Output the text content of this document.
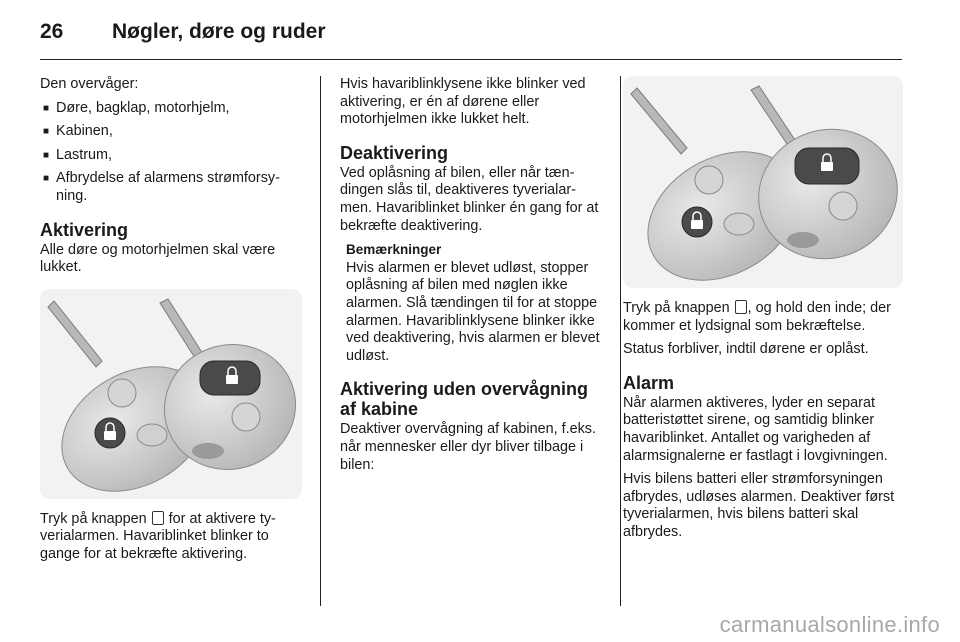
26 Nøgler, døre og ruder

Den overvåger:

■ Døre, bagklap, motorhjelm,
■ Kabinen,
■ Lastrum,
■ Afbrydelse af alarmens strømforsyning.
Aktivering

Alle døre og motorhjelmen skal være lukket.

Tryk på knappen for at aktivere tyverialarmen. Havariblinket blinker to gange for at bekræfte aktivering.

Hvis havariblinklysene ikke blinker ved aktivering, er én af dørene eller motorhjelmen ikke lukket helt.

Deaktivering

Ved oplåsning af bilen, eller når tændingen slås til, deaktiveres tyverialarmen. Havariblinket blinker én gang for at bekræfte deaktivering.

Bemærkninger

Hvis alarmen er blevet udløst, stopper oplåsning af bilen med nøglen ikke alarmen. Slå tændingen til for at stoppe alarmen. Havariblinklysene blinker ikke ved deaktivering, hvis alarmen er blevet udløst.

Aktivering uden overvågning af kabine

Deaktiver overvågning af kabinen, f.eks. når mennesker eller dyr bliver tilbage i bilen:

Tryk på knappen , og hold den inde; der kommer et lydsignal som bekræftelse.

Status forbliver, indtil dørene er oplåst.

Alarm

Når alarmen aktiveres, lyder en separat batteristøttet sirene, og samtidig blinker havariblinket. Antallet og varigheden af alarmsignalerne er fastlagt i lovgivningen.

Hvis bilens batteri eller strømforsyningen afbrydes, udløses alarmen. Deaktiver først tyverialarmen, hvis bilens batteri skal afbrydes.

carmanualsonline.info
